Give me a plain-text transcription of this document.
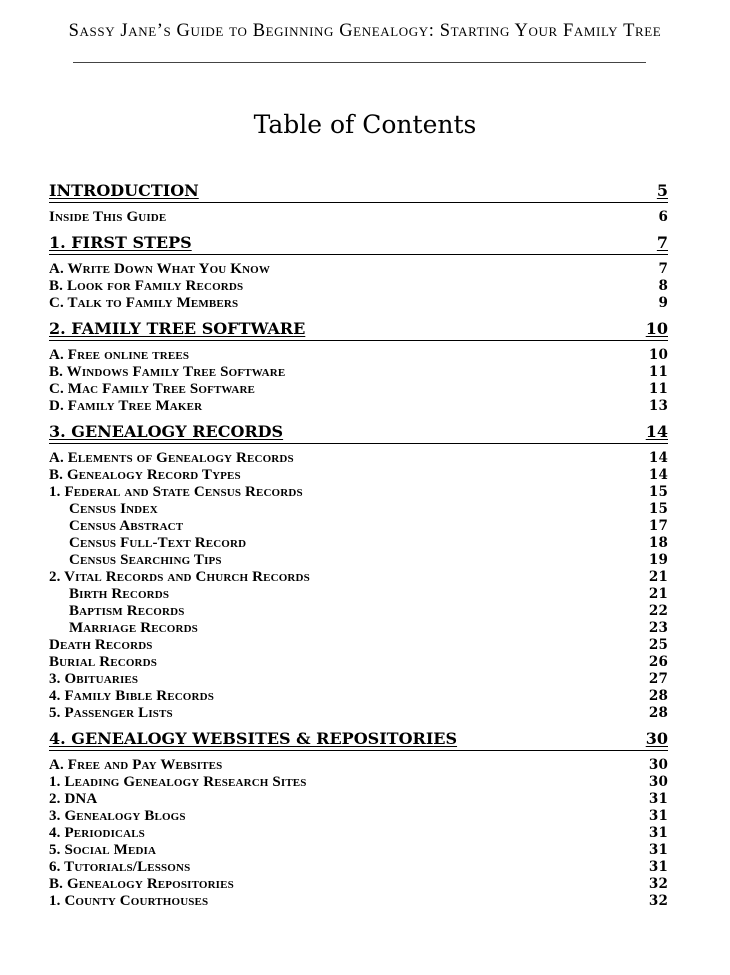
Sassy Jane’s Guide to Beginning Genealogy: Starting Your Family Tree
Table of Contents
INTRODUCTION	5
Inside This Guide	6
1. FIRST STEPS	7
A. Write Down What You Know	7
B. Look for Family Records	8
C. Talk to Family Members	9
2. FAMILY TREE SOFTWARE	10
A. Free online trees	10
B. Windows Family Tree Software	11
C. Mac Family Tree Software	11
D. Family Tree Maker	13
3. GENEALOGY RECORDS	14
A. Elements of Genealogy Records	14
B. Genealogy Record Types	14
1. Federal and State Census Records	15
Census Index	15
Census Abstract	17
Census Full-Text Record	18
Census Searching Tips	19
2. Vital Records and Church Records	21
Birth Records	21
Baptism Records	22
Marriage Records	23
Death Records	25
Burial Records	26
3. Obituaries	27
4. Family Bible Records	28
5. Passenger Lists	28
4. GENEALOGY WEBSITES & REPOSITORIES	30
A. Free and Pay Websites	30
1. Leading Genealogy Research Sites	30
2. DNA	31
3. Genealogy Blogs	31
4. Periodicals	31
5. Social Media	31
6. Tutorials/Lessons	31
B. Genealogy Repositories	32
1. County Courthouses	32
